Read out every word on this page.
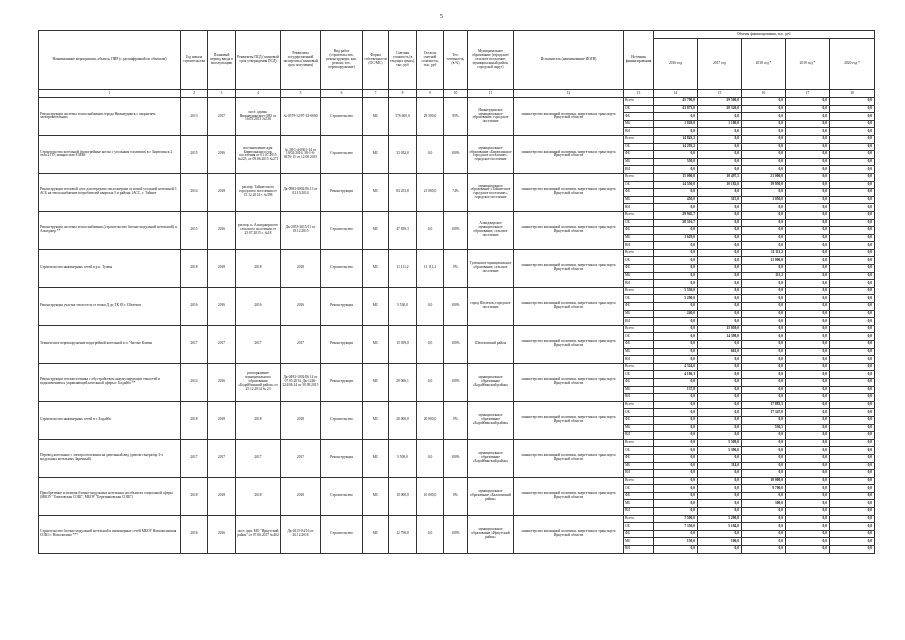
5
Наименование мероприятия, объекта, ПИР (с расшифровкой по объектам)	Год начала строительства	Плановый период ввода в эксплуатацию	Реквизиты ПСД (плановый срок утверждения ПСД)	Реквизиты государственной экспертизы (плановый срок получения)	Вид работ (строительство, реконструкция, кап. ремонт, тех. перевооружение)	Форма собственности (ОС/МС)	Сметная стоимость (в текущих ценах), тыс. руб	Остаток сметной стоимости, тыс. руб	Тех. готовность, (в %)	Муниципальное образование (городское/сельское поселение, муниципальный район, городской округ)	Исполнитель (наименование ИОГВ)	Источник финансирования	Объемы финансирования, тыс. руб.				
													2016 год	2017 год	2018 год *	2019 год *	2020 год *
1	2	3	4	5	6	7	8	9	10	11	12	13	14	15	16	17	18
Реконструкция системы теплоснабжения города Нижнеудинск с закрытием электрокотельных	2013	2017	пост. админ. Нижнеудинского МО от 16.05.2013 №538	№ 0579-12/97-33-0690	Строительство	МС	576 600,0	29 500,0	95%	Нижнеудинское муниципальное образование, городское поселение	министерство жилищной политики, энергетики и транспорта Иркутской области	Всего	45 700,0	29 500,0	0,0	0,0	0,0
												ОБ	43 873,0	28 320,0	0,0	0,0	0,0
												ФБ	0,0	0,0	0,0	0,0	0,0
												МБ	1 828,0	1 180,0	0,0	0,0	0,0
												ВИ	0,0	0,0	0,0	0,0	0,0
Строительство котельной (водогрейные котлы с угольным топливом) в г. Бирюсинск 2 этап 2 ПУ, мощностью 8 МВт	2015	2016	постановление адм. Бирюсинского гор. поселения от 01.07.2015 №225, от 09.06.2015 №271	№ 38-1-4-0361-14 от 10/02/2016, 38-1-6-0476-15 от 12.08.2015	Строительство	МС	33 032,0	0,0	100%	муниципальное образование «Бирюсинское городское поселение», городское поселение	министерство жилищной политики, энергетики и транспорта Иркутской области	Всего	14 843,2	0,0	0,0	0,0	0,0
												ОБ	14 293,2	0,0	0,0	0,0	0,0
												ФБ	0,0	0,0	0,0	0,0	0,0
												МБ	550,0	0,0	0,0	0,0	0,0
												ВИ	0,0	0,0	0,0	0,0	0,0
Реконструкция тепловой сети для передачи теплоэнергии от новой угольной котельной 3 АСБ на теплоснабжение потребителей квартала 5 и района 1АСС, г. Тайшет	2014	2018	распор. Тайшетского городского поселения от 15.12.2014 г. №398	Дк-0983-0002/06.13 от 02.10.2014	Реконструкция	МС	84 253,8	21 000,0	74%	муниципальное образование «Тайшетское городское поселение», городское поселение	министерство жилищной политики, энергетики и транспорта Иркутской области	Всего	15 000,0	10 497,5	21 000,0	0,0	0,0
												ОБ	14 550,0	10 182,6	19 950,0	0,0	0,0
												ФБ	0,0	0,0	0,0	0,0	0,0
												МБ	450,0	315,0	1 050,0	0,0	0,0
												ВИ	0,0	0,0	0,0	0,0	0,0
Реконструкция системы теплоснабжения (строительство блочно-модульной котельной) п. Алыгджер **	2015	2016	распор. п. Алыгджерского сельского поселения от 25.07.2015 г. №18	Дк-2053-2015/11 от 18.12.2015	Строительство	МС	47 839,3	0,0	100%	Алыгджерское муниципальное образование, сельское поселение	министерство жилищной политики, энергетики и транспорта Иркутской области	Всего	29 945,7	0,0	0,0	0,0	0,0
												ОБ	28 316,7	0,0	0,0	0,0	0,0
												ФБ	0,0	0,0	0,0	0,0	0,0
												МБ	1 629,0	0,0	0,0	0,0	0,0
												ВИ	0,0	0,0	0,0	0,0	0,0
Строительство инженерных сетей в р.п. Тулюн	2018	2018	2018	2018	Строительство	МС	11 111,2	11 111,2	0%	Тулюнское муниципальное образование, сельское поселение	министерство жилищной политики, энергетики и транспорта Иркутской области	Всего	0,0	0,0	11 111,2	0,0	0,0
												ОБ	0,0	0,0	11 000,0	0,0	0,0
												ФБ	0,0	0,0	0,0	0,0	0,0
												МБ	0,0	0,0	111,2	0,0	0,0
												ВИ	0,0	0,0	0,0	0,0	0,0
Реконструкция участка теплосети от точки Д до ТК 83 г. Шелехов	2016	2016	2016	2016	Реконструкция	МС	5 530,0	0,0	100%	город Шелехов, городское поселение	министерство жилищной политики, энергетики и транспорта Иркутской области	Всего	5 530,0	0,0	0,0	0,0	0,0
												ОБ	5 290,0	0,0	0,0	0,0	0,0
												ФБ	0,0	0,0	0,0	0,0	0,0
												МБ	240,0	0,0	0,0	0,0	0,0
												ВИ	0,0	0,0	0,0	0,0	0,0
Техническое перевооружение водогрейной котельной в п. Чистые Ключи	2017	2017	2017	2017	Реконструкция	МС	15 059,0	0,0	100%	Шелеховский район	министерство жилищной политики, энергетики и транспорта Иркутской области	Всего	0,0	15 059,0	0,0	0,0	0,0
												ОБ	0,0	14 398,0	0,0	0,0	0,0
												ФБ	0,0	0,0	0,0	0,0	0,0
												МБ	0,0	661,0	0,0	0,0	0,0
												ВИ	0,0	0,0	0,0	0,0	0,0
Реконструкция теплоисточника с обустройством аккумулирующих емкостей и подключением к управляющей котельной сферы г. Бодайбо **	2014	2016	распоряжение муниципального образования «Бодайбинский район» от 25.12.2014 № 23	Дк-0493-1002/06.14 от 07.05.2014, Дк-1246-224/06.14 от 30.09.2015	Реконструкция	МС	29 066,1	0,0	100%	муниципальное образование «Бодайбинский район»	министерство жилищной политики, энергетики и транспорта Иркутской области	Всего	4 324,0	0,0	0,0	0,0	0,0
												ОБ	4 186,3	0,0	0,0	0,0	0,0
												ФБ	0,0	0,0	0,0	0,0	0,0
												МБ	137,8	0,0	0,0	0,0	0,0
												ВИ	0,0	0,0	0,0	0,0	0,0
Строительство инженерных сетей в г. Бодайбо	2018	2018	2018	2018	Строительство	МС	20 000,0	20 000,0	0%	муниципальное образование «Бодайбинский район»	министерство жилищной политики, энергетики и транспорта Иркутской области	Всего	0,0	0,0	17 883,5	0,0	0,0
												ОБ	0,0	0,0	17 347,0	0,0	0,0
												ФБ	0,0	0,0	0,0	0,0	0,0
												МБ	0,0	0,0	536,5	0,0	0,0
												ВИ	0,0	0,0	0,0	0,0	0,0
Перевод котельных с электроотопления на дизельный вид (дизель-генератор 3-х модульных котельных Заречный)	2017	2017	2017	2017	Реконструкция	МС	5 509,0	0,0	100%	муниципальное образование «Бодайбинский район»	министерство жилищной политики, энергетики и транспорта Иркутской области	Всего	0,0	5 509,0	0,0	0,0	0,0
												ОБ	0,0	5 396,0	0,0	0,0	0,0
												ФБ	0,0	0,0	0,0	0,0	0,0
												МБ	0,0	114,0	0,0	0,0	0,0
												ВИ	0,0	0,0	0,0	0,0	0,0
Приобретение и монтаж блочно-модульных котельных на объектах социальной сферы (МБОУ "Ожеховская СОШ", МБОУ "Березняковская СОШ")	2018	2018	2018	2018	Строительство	МС	10 000,0	10 000,0	0%	муниципальное образование «Балаганский район»	министерство жилищной политики, энергетики и транспорта Иркутской области	Всего	0,0	0,0	10 000,0	0,0	0,0
												ОБ	0,0	0,0	9 700,0	0,0	0,0
												ФБ	0,0	0,0	0,0	0,0	0,0
												МБ	0,0	0,0	300,0	0,0	0,0
												ВИ	0,0	0,0	0,0	0,0	0,0
Строительство блочно-модульной котельной и инженерных сетей МБОУ Новолисинская СОШ с. Новолисино ***	2016	2016	пост. адм. МО "Иркутский район" от 07.06.2017 №402	Дк-0415-04/16 от 26.12.2016	Строительство	МС	12 790,0	0,0	100%	муниципальное образование «Иркутский район»	министерство жилищной политики, энергетики и транспорта Иркутской области	Всего	7 500,0	5 290,0	0,0	0,0	0,0
												ОБ	7 350,0	5 184,0	0,0	0,0	0,0
												ФБ	0,0	0,0	0,0	0,0	0,0
												МБ	150,0	106,0	0,0	0,0	0,0
												ВИ	0,0	0,0	0,0	0,0	0,0
